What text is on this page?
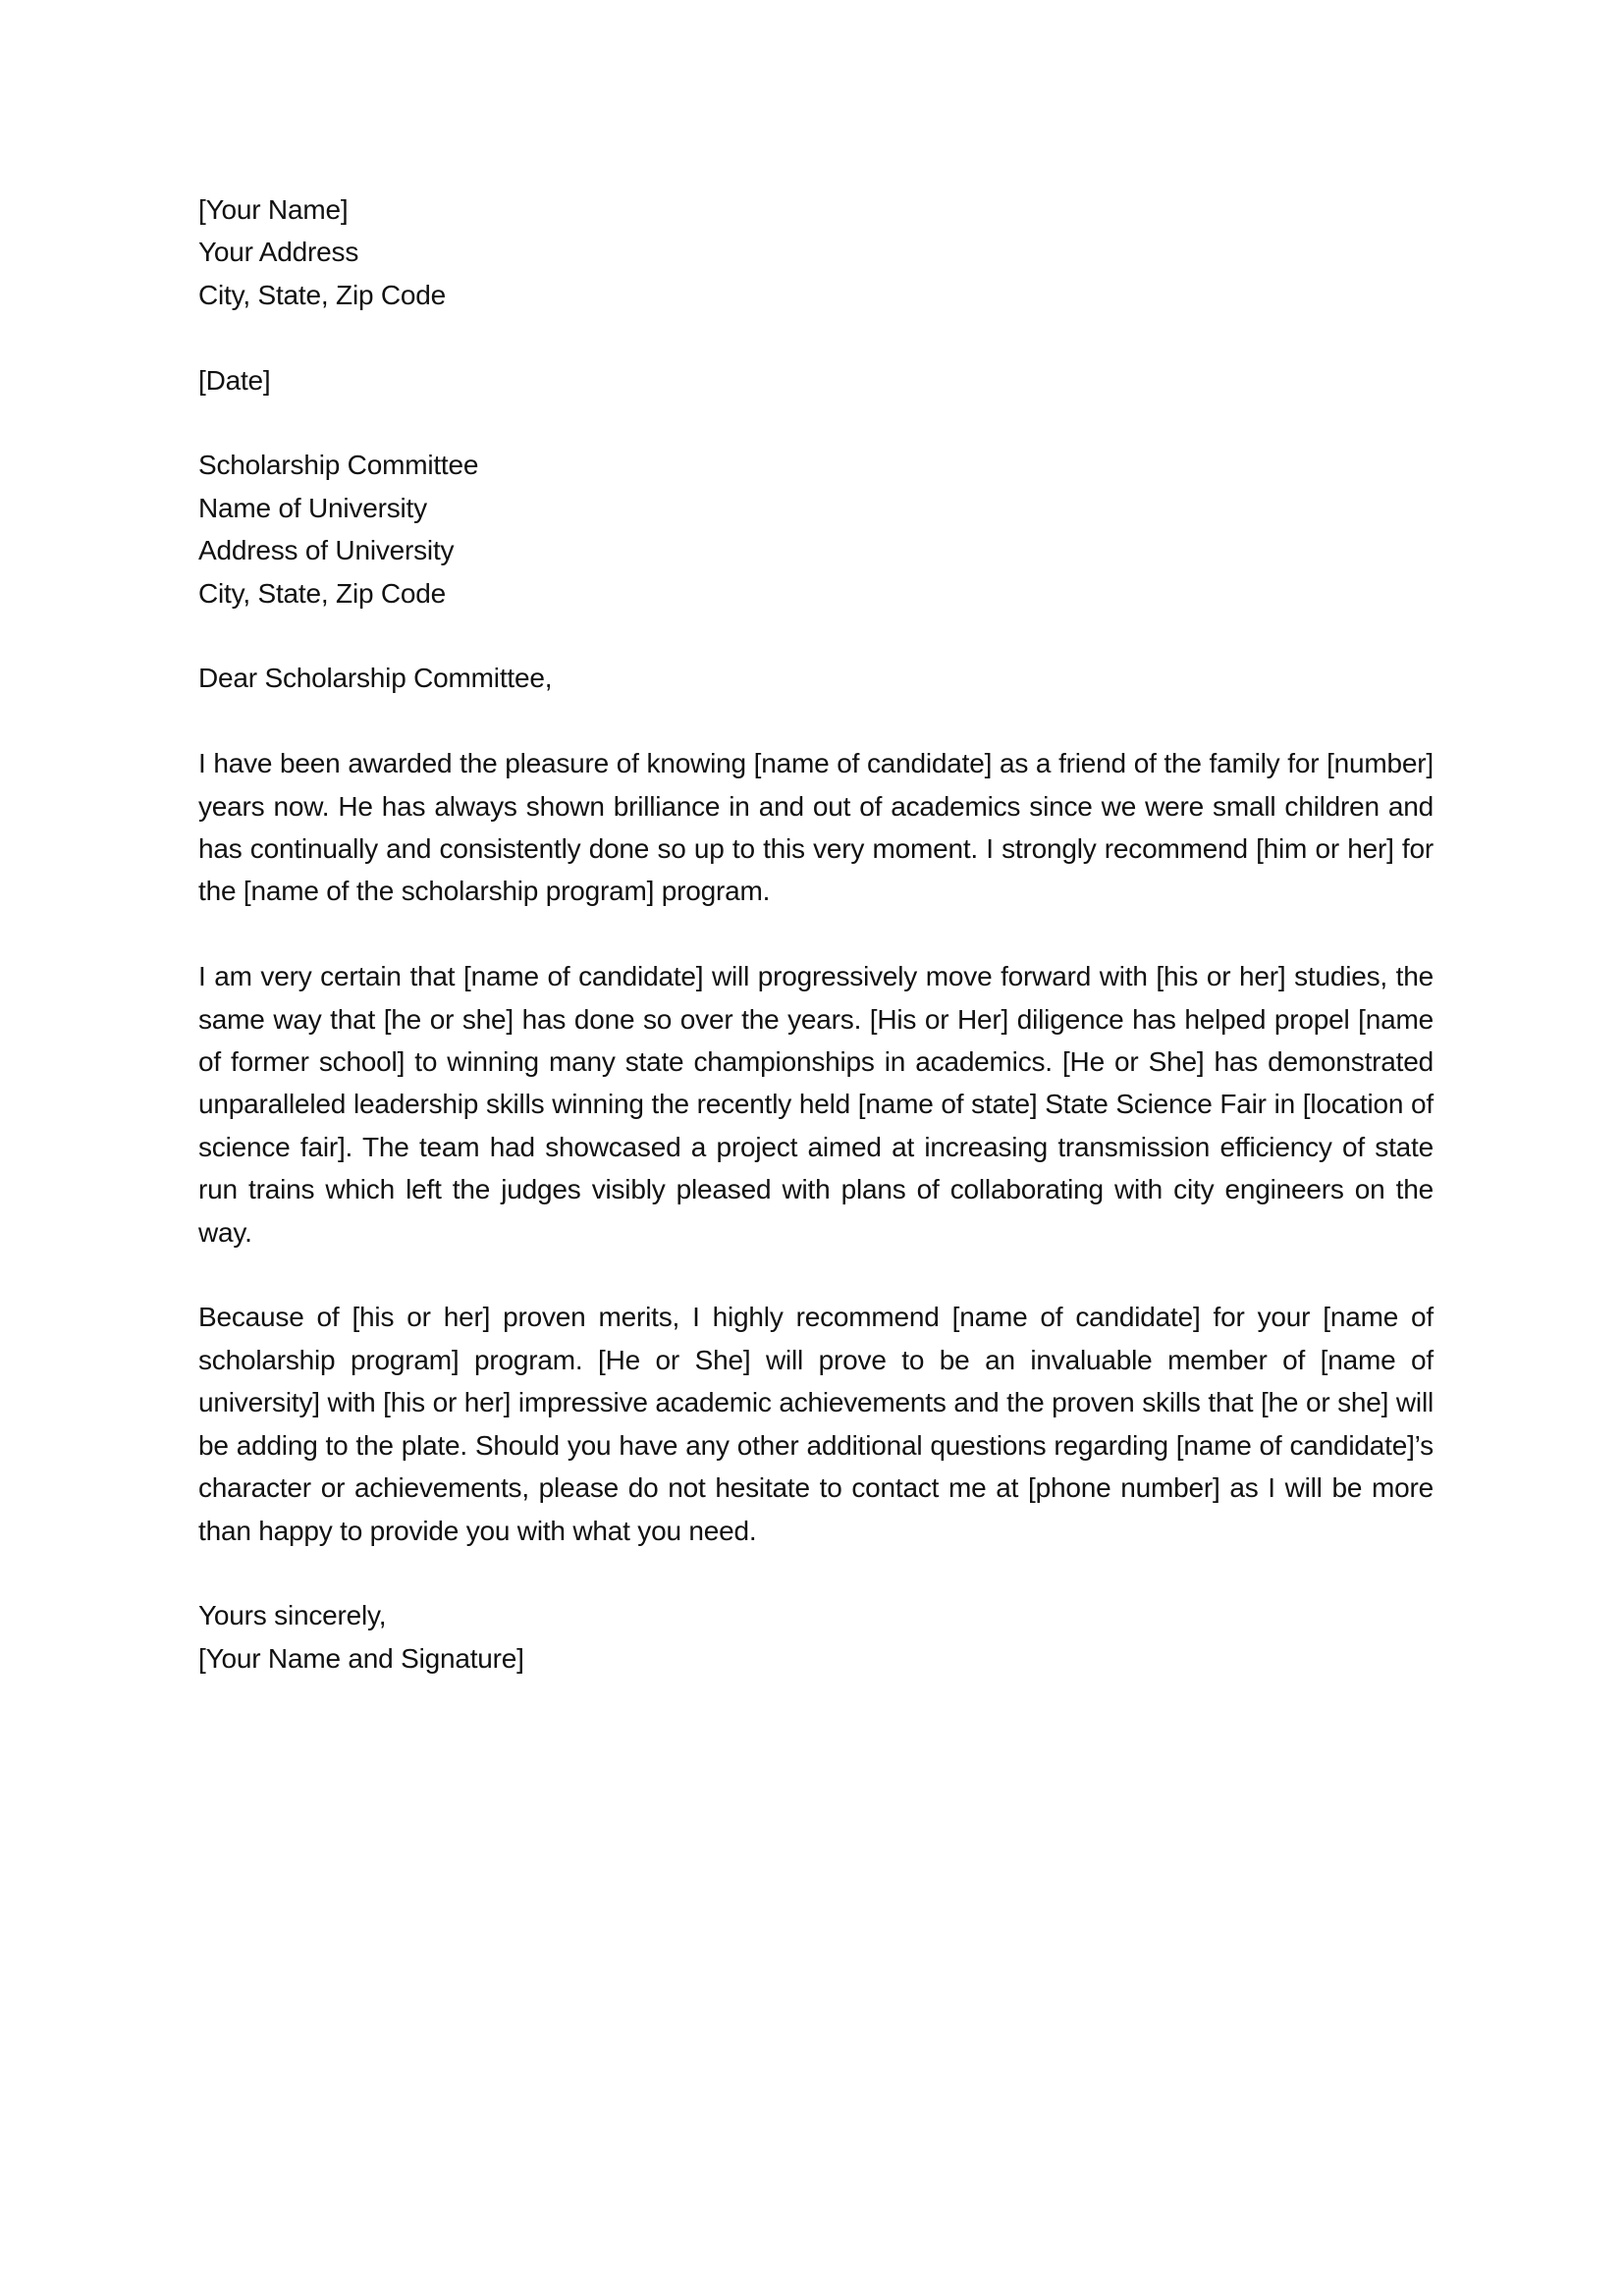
[Your Name]
Your Address
City, State, Zip Code
[Date]
Scholarship Committee
Name of University
Address of University
City, State, Zip Code
Dear Scholarship Committee,

I have been awarded the pleasure of knowing [name of candidate] as a friend of the family for [number] years now. He has always shown brilliance in and out of academics since we were small children and has continually and consistently done so up to this very moment. I strongly recommend [him or her] for the [name of the scholarship program] program.

I am very certain that [name of candidate] will progressively move forward with [his or her] studies, the same way that [he or she] has done so over the years. [His or Her] diligence has helped propel [name of former school] to winning many state championships in academics. [He or She] has demonstrated unparalleled leadership skills winning the recently held [name of state] State Science Fair in [location of science fair]. The team had showcased a project aimed at increasing transmission efficiency of state run trains which left the judges visibly pleased with plans of collaborating with city engineers on the way.

Because of [his or her] proven merits, I highly recommend [name of candidate] for your [name of scholarship program] program. [He or She] will prove to be an invaluable member of [name of university] with [his or her] impressive academic achievements and the proven skills that [he or she] will be adding to the plate. Should you have any other additional questions regarding [name of candidate]’s character or achievements, please do not hesitate to contact me at [phone number] as I will be more than happy to provide you with what you need.

Yours sincerely,
[Your Name and Signature]
